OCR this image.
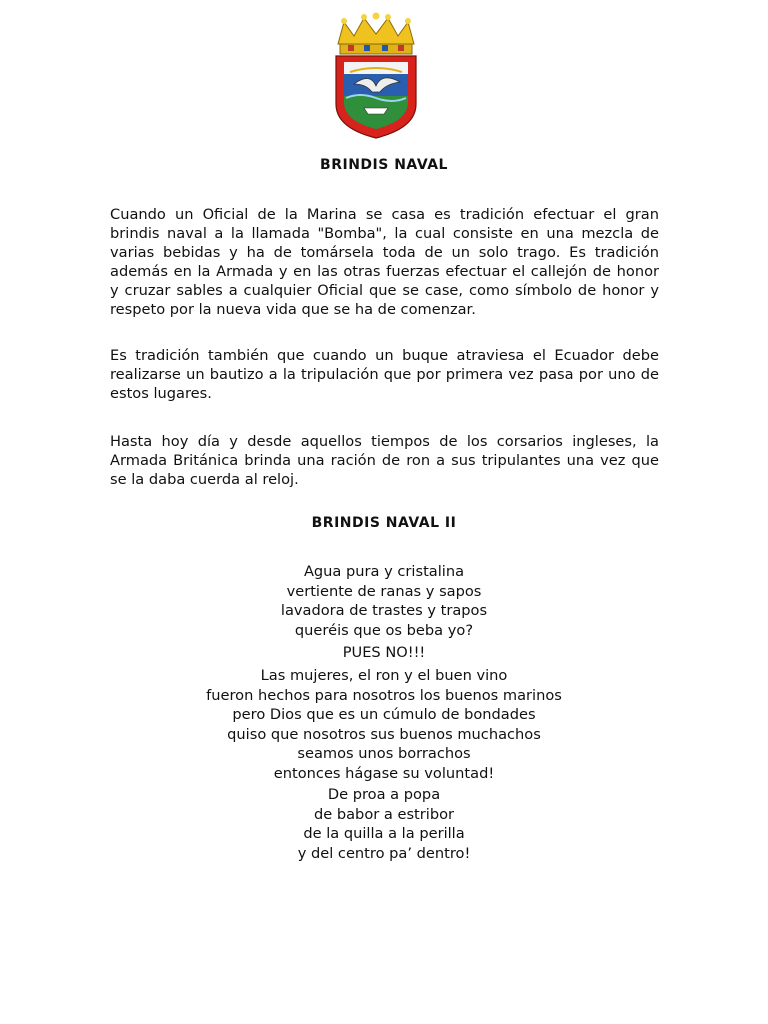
BRINDIS NAVAL

Cuando un Oficial de la Marina se casa es tradición efectuar el gran brindis naval a la llamada "Bomba", la cual consiste en una mezcla de varias bebidas y ha de tomársela toda de un solo trago. Es tradición además en la Armada y en las otras fuerzas efectuar el callejón de honor y cruzar sables a cualquier Oficial que se case, como símbolo de honor y respeto por la nueva vida que se ha de comenzar.

Es tradición también que cuando un buque atraviesa el Ecuador debe realizarse un bautizo a la tripulación que por primera vez pasa por uno de estos lugares.

Hasta hoy día y desde aquellos tiempos de los corsarios ingleses, la Armada Británica brinda una ración de ron a sus tripulantes una vez que se la daba cuerda al reloj.

BRINDIS NAVAL II
Agua pura y cristalina
vertiente de ranas y sapos
lavadora de trastes y trapos
queréis que os beba yo?
PUES NO!!!
Las mujeres, el ron y el buen vino
fueron hechos para nosotros los buenos marinos
pero Dios que es un cúmulo de bondades
quiso que nosotros sus buenos muchachos
seamos unos borrachos
entonces hágase su voluntad!
De proa a popa
de babor a estribor
de la quilla a la perilla
y del centro pa’ dentro!
